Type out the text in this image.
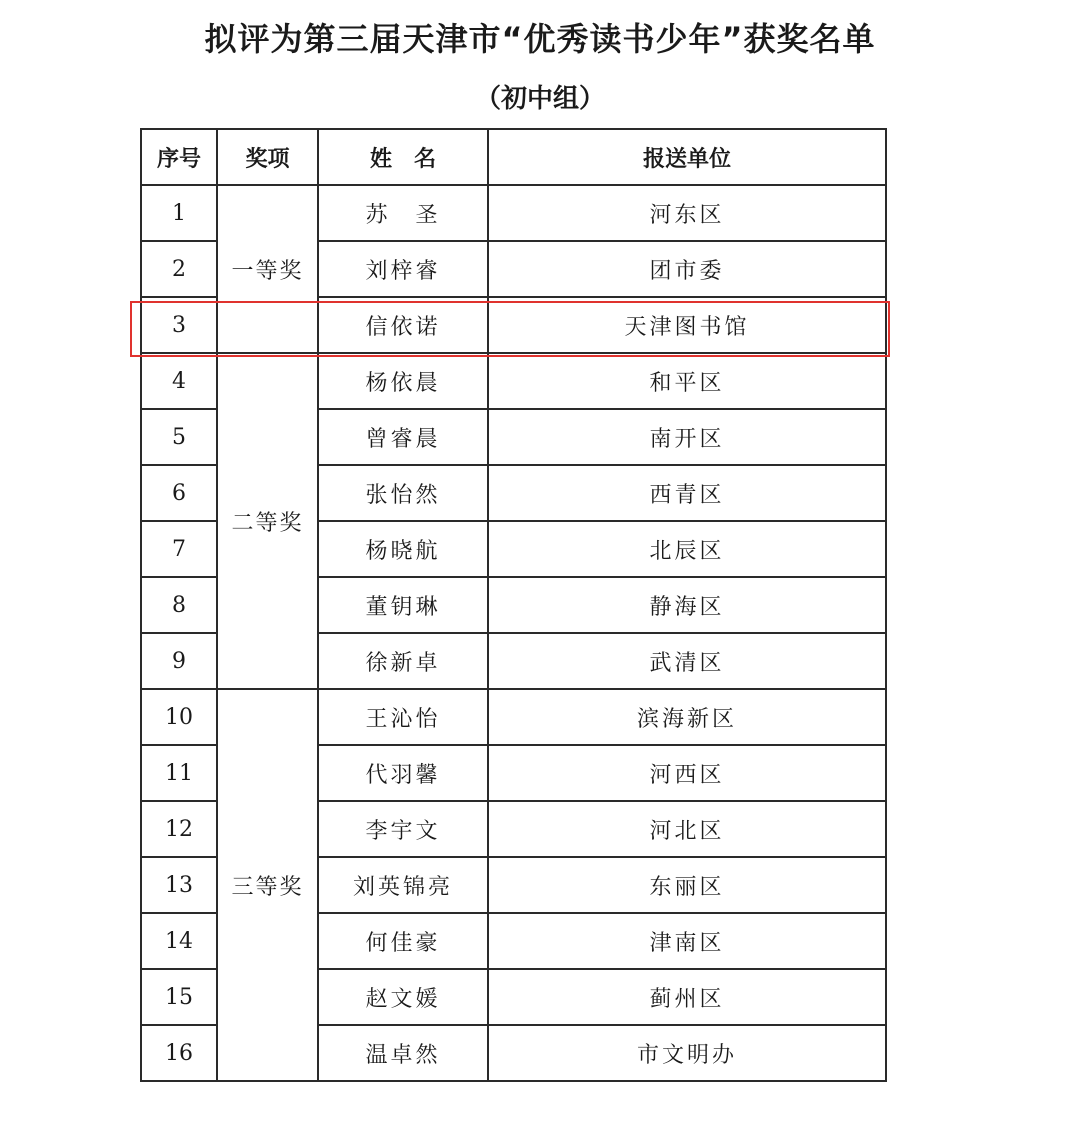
拟评为第三届天津市“优秀读书少年”获奖名单
（初中组）
序号	奖项	姓　名	报送单位
1	一等奖	苏　圣	河东区
2		刘梓睿	团市委
3		信依诺	天津图书馆
4	二等奖	杨依晨	和平区
5		曾睿晨	南开区
6		张怡然	西青区
7		杨晓航	北辰区
8		董钥琳	静海区
9		徐新卓	武清区
10	三等奖	王沁怡	滨海新区
11		代羽馨	河西区
12		李宇文	河北区
13		刘英锦亮	东丽区
14		何佳豪	津南区
15		赵文媛	蓟州区
16		温卓然	市文明办
